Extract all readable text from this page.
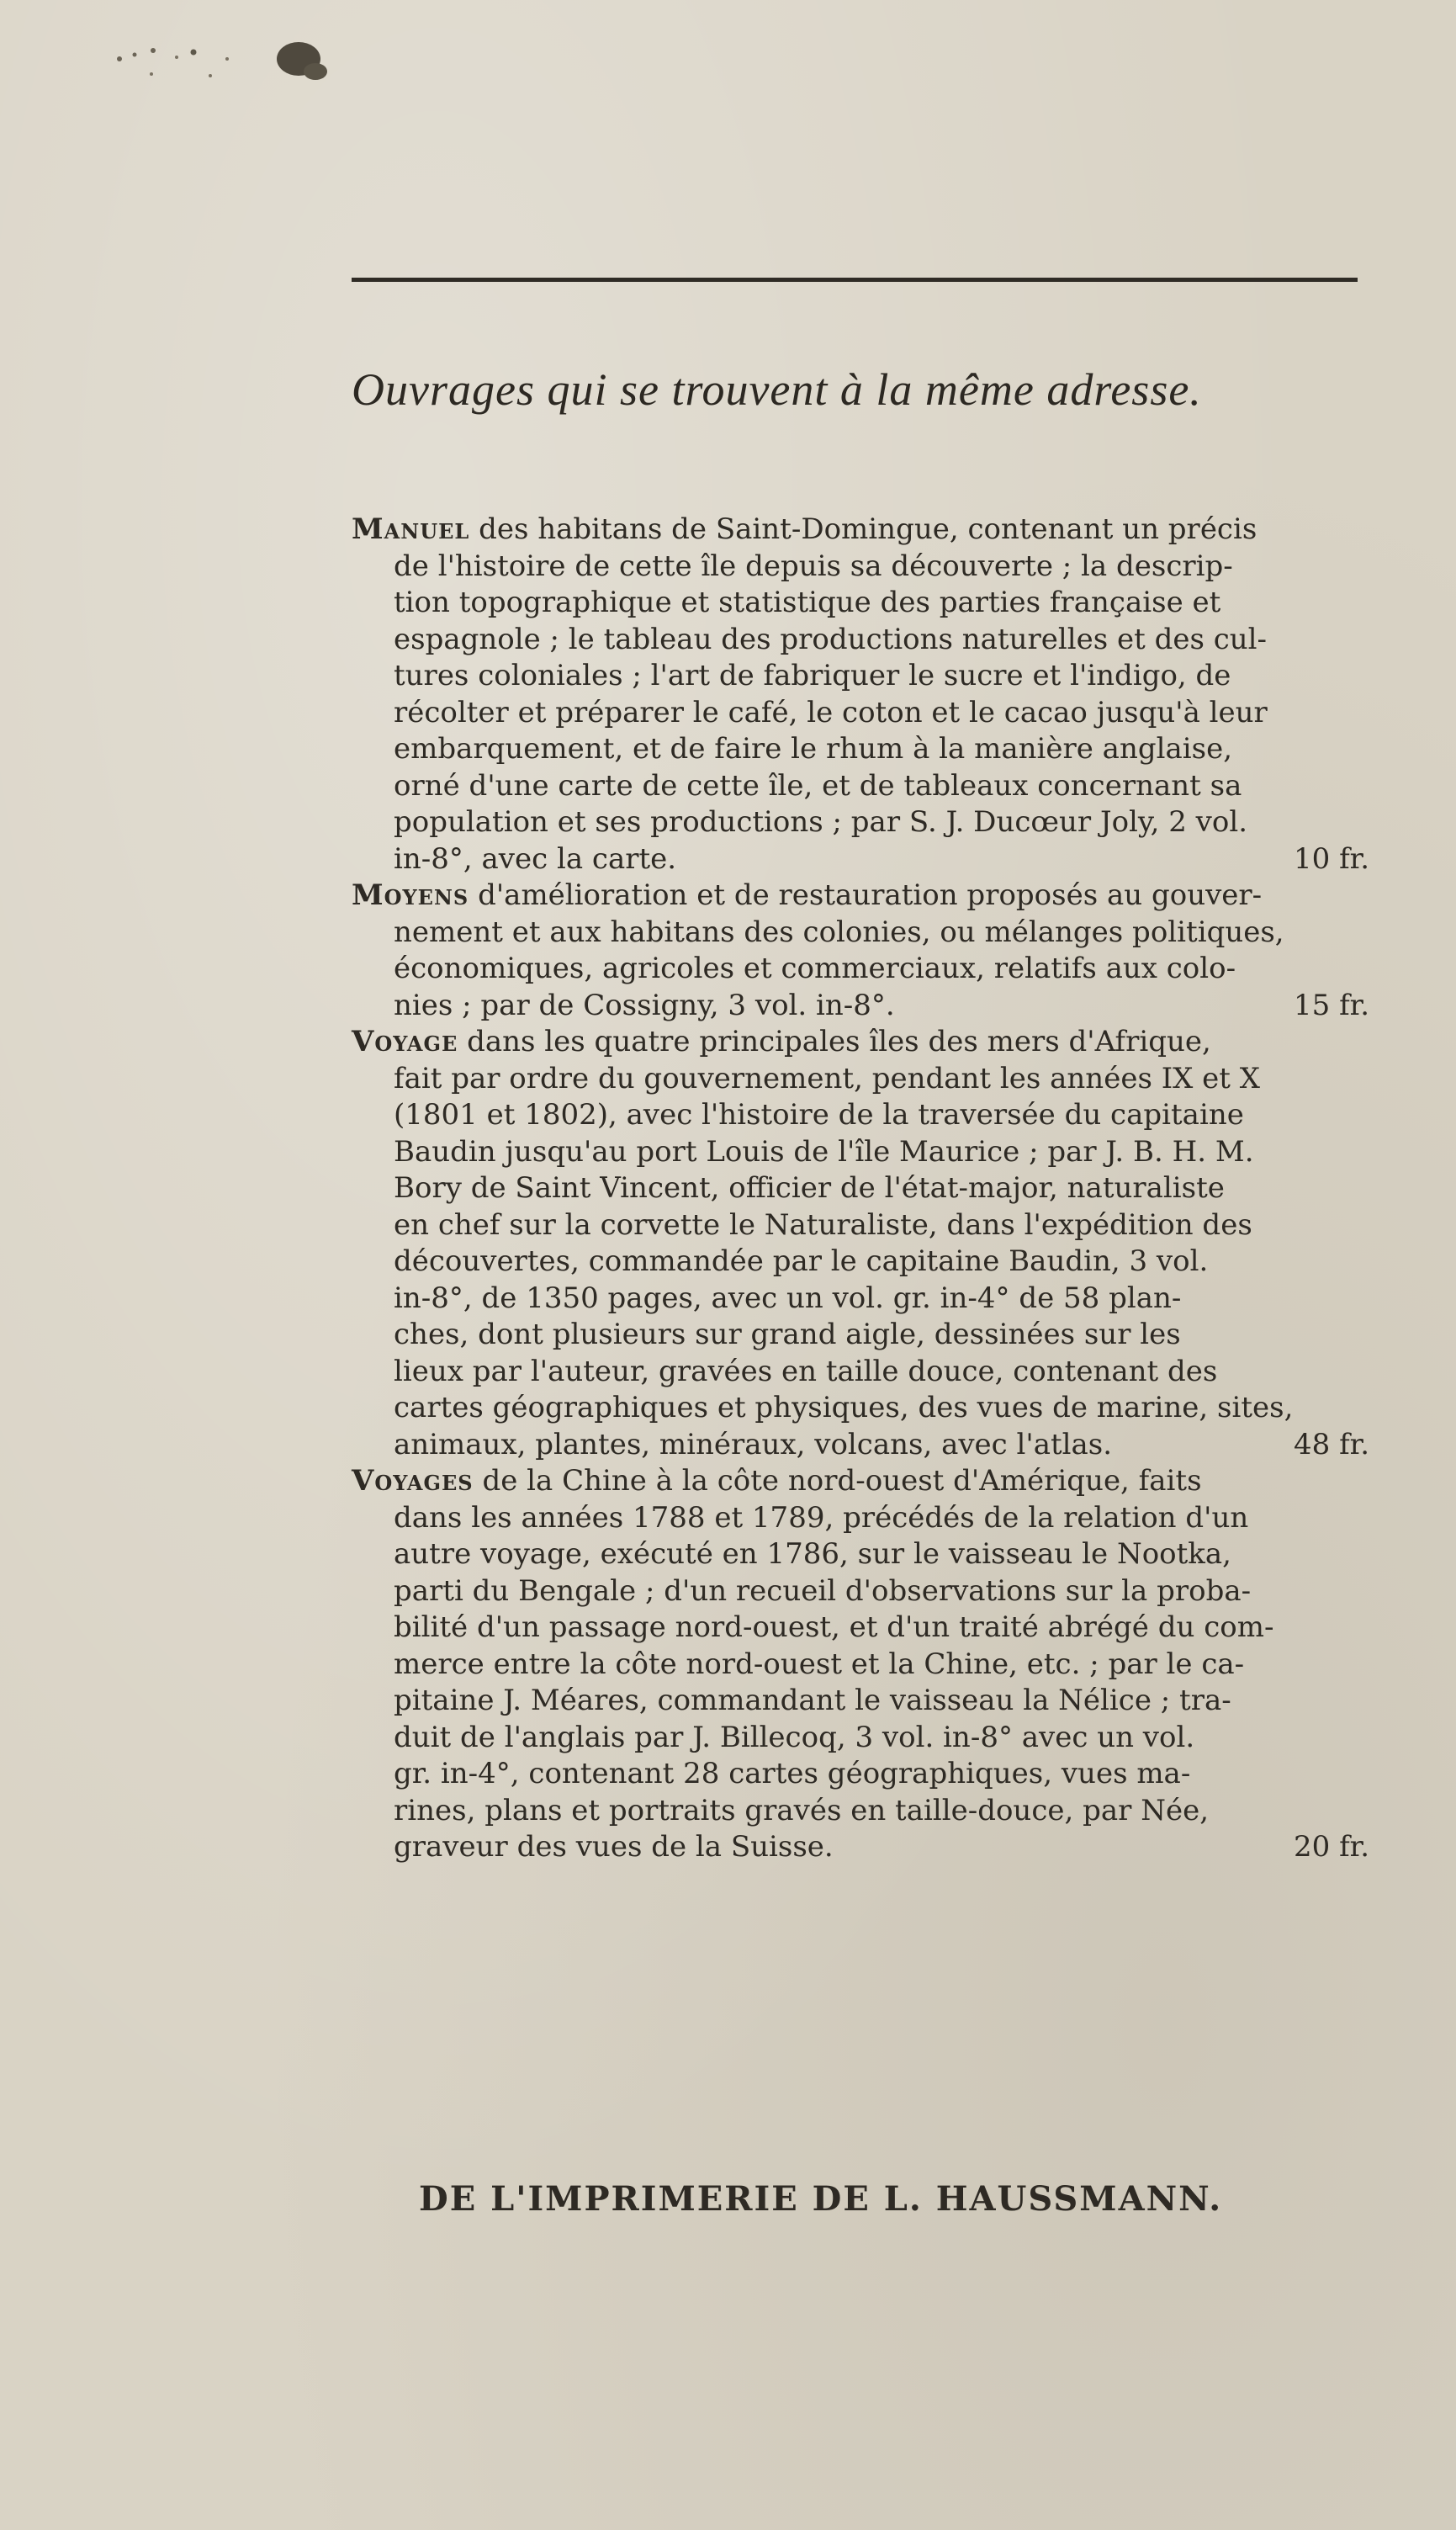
Ouvrages qui se trouvent à la même adresse.
Manuel des habitans de Saint-Domingue, contenant un précis
de l'histoire de cette île depuis sa découverte ; la descrip-
tion topographique et statistique des parties française et
espagnole ; le tableau des productions naturelles et des cul-
tures coloniales ; l'art de fabriquer le sucre et l'indigo, de
récolter et préparer le café, le coton et le cacao jusqu'à leur
embarquement, et de faire le rhum à la manière anglaise,
orné d'une carte de cette île, et de tableaux concernant sa
population et ses productions ; par S. J. Ducœur Joly, 2 vol.
in-8°, avec la carte.	10 fr.
Moyens d'amélioration et de restauration proposés au gouver-
nement et aux habitans des colonies, ou mélanges politiques,
économiques, agricoles et commerciaux, relatifs aux colo-
nies ; par de Cossigny, 3 vol. in-8°.	15 fr.
Voyage dans les quatre principales îles des mers d'Afrique,
fait par ordre du gouvernement, pendant les années IX et X
(1801 et 1802), avec l'histoire de la traversée du capitaine
Baudin jusqu'au port Louis de l'île Maurice ; par J. B. H. M.
Bory de Saint Vincent, officier de l'état-major, naturaliste
en chef sur la corvette le Naturaliste, dans l'expédition des
découvertes, commandée par le capitaine Baudin, 3 vol.
in-8°, de 1350 pages, avec un vol. gr. in-4° de 58 plan-
ches, dont plusieurs sur grand aigle, dessinées sur les
lieux par l'auteur, gravées en taille douce, contenant des
cartes géographiques et physiques, des vues de marine, sites,
animaux, plantes, minéraux, volcans, avec l'atlas.	48 fr.
Voyages de la Chine à la côte nord-ouest d'Amérique, faits
dans les années 1788 et 1789, précédés de la relation d'un
autre voyage, exécuté en 1786, sur le vaisseau le Nootka,
parti du Bengale ; d'un recueil d'observations sur la proba-
bilité d'un passage nord-ouest, et d'un traité abrégé du com-
merce entre la côte nord-ouest et la Chine, etc. ; par le ca-
pitaine J. Méares, commandant le vaisseau la Nélice ; tra-
duit de l'anglais par J. Billecoq, 3 vol. in-8° avec un vol.
gr. in-4°, contenant 28 cartes géographiques, vues ma-
rines, plans et portraits gravés en taille-douce, par Née,
graveur des vues de la Suisse.	20 fr.
DE L'IMPRIMERIE DE L. HAUSSMANN.
